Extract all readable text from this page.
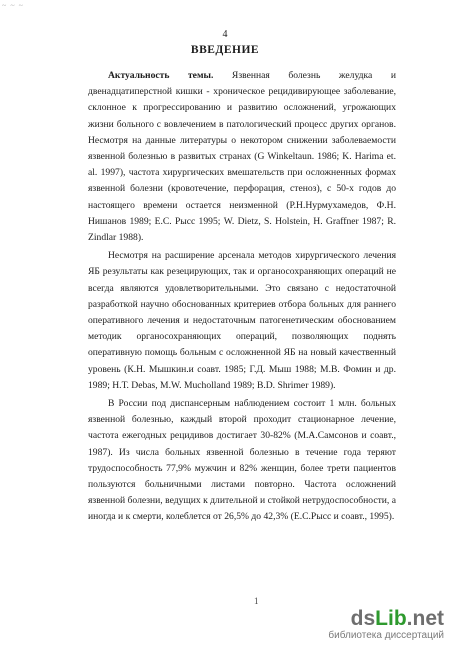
~ ~ ~
4
ВВЕДЕНИЕ

Актуальность темы. Язвенная болезнь желудка и двенадцатиперстной кишки - хроническое рецидивирующее заболевание, склонное к прогрессированию и развитию осложнений, угрожающих жизни больного с вовлечением в патологический процесс других органов. Несмотря на данные литературы о некотором снижении заболеваемости язвенной болезнью в развитых странах (G Winkeltaun. 1986; K. Harima et. al. 1997), частота хирургических вмешательств при осложненных формах язвенной болезни (кровотечение, перфорация, стеноз), с 50-х годов до настоящего времени остается неизменной (Р.Н.Нурмухамедов, Ф.Н. Нишанов 1989; Е.С. Рысс 1995; W. Dietz, S. Holstein, H. Graffner 1987; R. Zindlar 1988).

Несмотря на расширение арсенала методов хирургического лечения ЯБ результаты как резецирующих, так и органосохраняющих операций не всегда являются удовлетворительными. Это связано с недостаточной разработкой научно обоснованных критериев отбора больных для раннего оперативного лечения и недостаточным патогенетическим обоснованием методик органосохраняющих операций, позволяющих поднять оперативную помощь больным с осложненной ЯБ на новый качественный уровень (К.Н. Мышкин.и соавт. 1985; Г.Д. Мыш 1988; М.В. Фомин и др. 1989; Н.Т. Debas, M.W. Mucholland 1989; B.D. Shrimer 1989).

В России под диспансерным наблюдением состоит 1 млн. больных язвенной болезнью, каждый второй проходит стационарное лечение, частота ежегодных рецидивов достигает 30-82% (М.А.Самсонов и соавт., 1987). Из числа больных язвенной болезнью в течение года теряют трудоспособность 77,9% мужчин и 82% женщин, более трети пациентов пользуются больничными листами повторно. Частота осложнений язвенной болезни, ведущих к длительной и стойкой нетрудоспособности, а иногда и к смерти, колеблется от 26,5% до 42,3% (Е.С.Рысс и соавт., 1995).

1
dsLib.net
библиотека диссертаций
